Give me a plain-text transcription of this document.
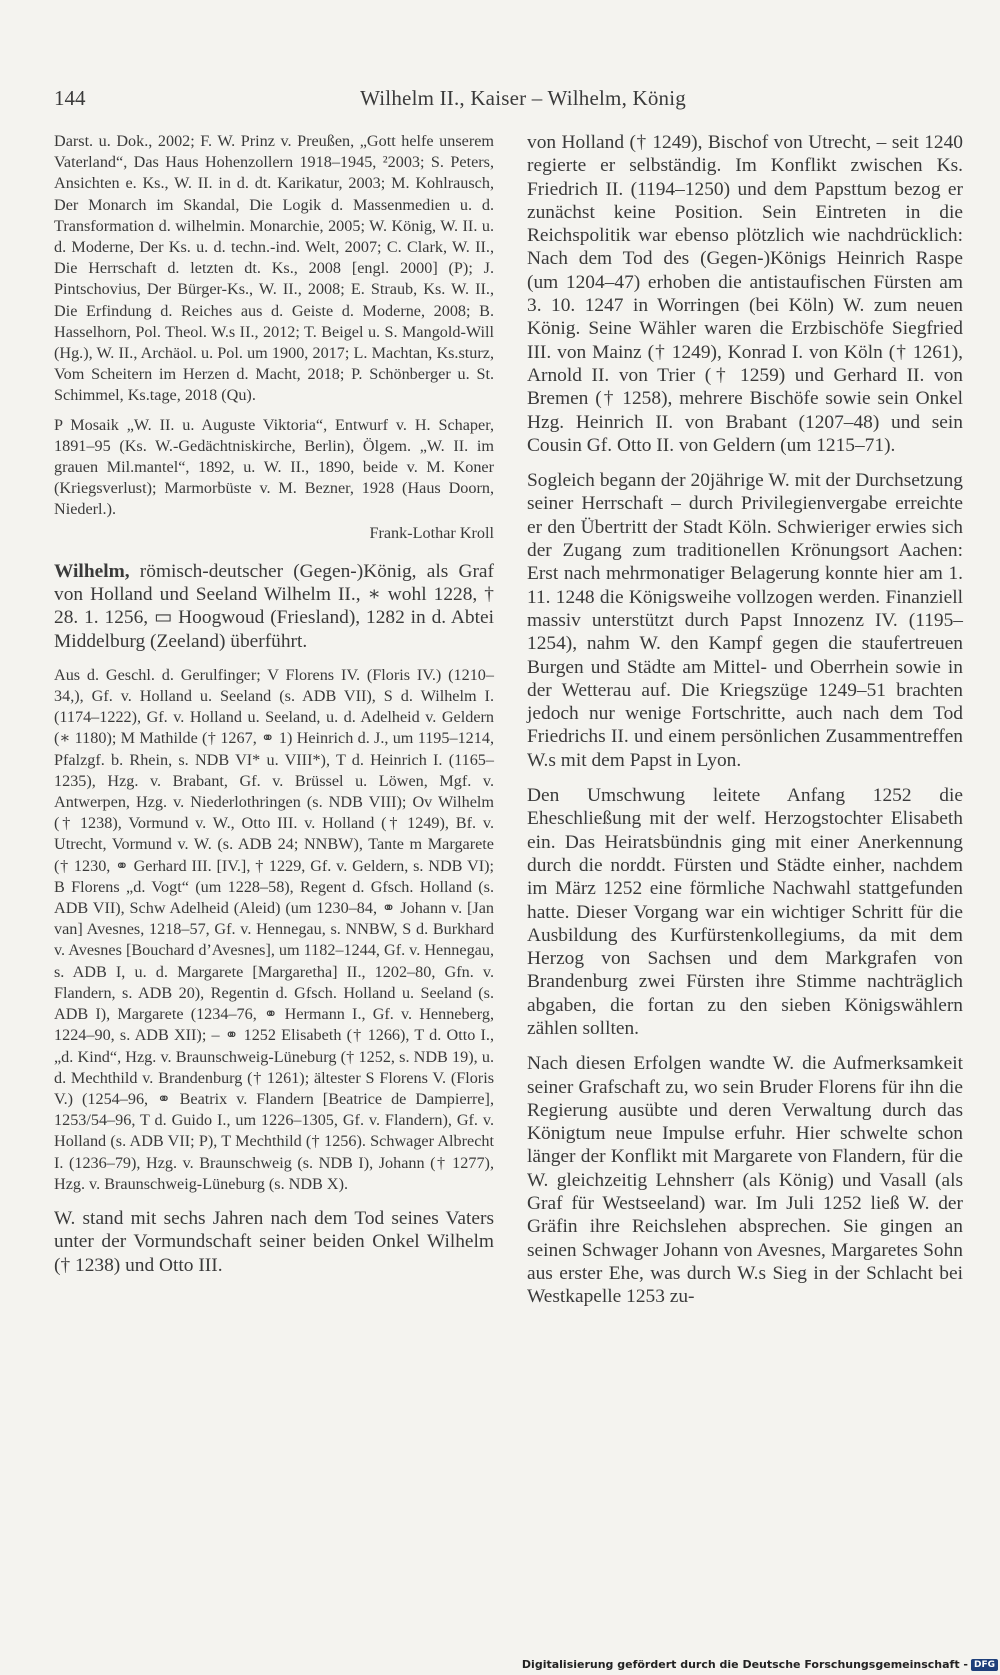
144	Wilhelm II., Kaiser – Wilhelm, König

Darst. u. Dok., 2002; F. W. Prinz v. Preußen, „Gott helfe unserem Vaterland“, Das Haus Hohenzollern 1918–1945, ²2003; S. Peters, Ansichten e. Ks., W. II. in d. dt. Karikatur, 2003; M. Kohlrausch, Der Monarch im Skandal, Die Logik d. Massenmedien u. d. Transformation d. wilhelmin. Monarchie, 2005; W. König, W. II. u. d. Moderne, Der Ks. u. d. techn.-ind. Welt, 2007; C. Clark, W. II., Die Herrschaft d. letzten dt. Ks., 2008 [engl. 2000] (P); J. Pintschovius, Der Bürger-Ks., W. II., 2008; E. Straub, Ks. W. II., Die Erfindung d. Reiches aus d. Geiste d. Moderne, 2008; B. Hasselhorn, Pol. Theol. W.s II., 2012; T. Beigel u. S. Mangold-Will (Hg.), W. II., Archäol. u. Pol. um 1900, 2017; L. Machtan, Ks.sturz, Vom Scheitern im Herzen d. Macht, 2018; P. Schönberger u. St. Schimmel, Ks.tage, 2018 (Qu).

P Mosaik „W. II. u. Auguste Viktoria“, Entwurf v. H. Schaper, 1891–95 (Ks. W.-Gedächtniskirche, Berlin), Ölgem. „W. II. im grauen Mil.mantel“, 1892, u. W. II., 1890, beide v. M. Koner (Kriegsverlust); Marmorbüste v. M. Bezner, 1928 (Haus Doorn, Niederl.).

Frank-Lothar Kroll

Wilhelm, römisch-deutscher (Gegen-)König, als Graf von Holland und Seeland Wilhelm II., ∗ wohl 1228, † 28. 1. 1256, ▭ Hoogwoud (Friesland), 1282 in d. Abtei Middelburg (Zeeland) überführt.

Aus d. Geschl. d. Gerulfinger; V Florens IV. (Floris IV.) (1210–34,), Gf. v. Holland u. Seeland (s. ADB VII), S d. Wilhelm I. (1174–1222), Gf. v. Holland u. Seeland, u. d. Adelheid v. Geldern (∗ 1180); M Mathilde († 1267, ⚭ 1) Heinrich d. J., um 1195–1214, Pfalzgf. b. Rhein, s. NDB VI* u. VIII*), T d. Heinrich I. (1165–1235), Hzg. v. Brabant, Gf. v. Brüssel u. Löwen, Mgf. v. Antwerpen, Hzg. v. Niederlothringen (s. NDB VIII); Ov Wilhelm († 1238), Vormund v. W., Otto III. v. Holland († 1249), Bf. v. Utrecht, Vormund v. W. (s. ADB 24; NNBW), Tante m Margarete († 1230, ⚭ Gerhard III. [IV.], † 1229, Gf. v. Geldern, s. NDB VI); B Florens „d. Vogt“ (um 1228–58), Regent d. Gfsch. Holland (s. ADB VII), Schw Adelheid (Aleid) (um 1230–84, ⚭ Johann v. [Jan van] Avesnes, 1218–57, Gf. v. Hennegau, s. NNBW, S d. Burkhard v. Avesnes [Bouchard d’Avesnes], um 1182–1244, Gf. v. Hennegau, s. ADB I, u. d. Margarete [Margaretha] II., 1202–80, Gfn. v. Flandern, s. ADB 20), Regentin d. Gfsch. Holland u. Seeland (s. ADB I), Margarete (1234–76, ⚭ Hermann I., Gf. v. Henneberg, 1224–90, s. ADB XII); – ⚭ 1252 Elisabeth († 1266), T d. Otto I., „d. Kind“, Hzg. v. Braunschweig-Lüneburg († 1252, s. NDB 19), u. d. Mechthild v. Brandenburg († 1261); ältester S Florens V. (Floris V.) (1254–96, ⚭ Beatrix v. Flandern [Beatrice de Dampierre], 1253/54–96, T d. Guido I., um 1226–1305, Gf. v. Flandern), Gf. v. Holland (s. ADB VII; P), T Mechthild († 1256). Schwager Albrecht I. (1236–79), Hzg. v. Braunschweig (s. NDB I), Johann († 1277), Hzg. v. Braunschweig-Lüneburg (s. NDB X).

W. stand mit sechs Jahren nach dem Tod seines Vaters unter der Vormundschaft seiner beiden Onkel Wilhelm († 1238) und Otto III.

von Holland († 1249), Bischof von Utrecht, – seit 1240 regierte er selbständig. Im Konflikt zwischen Ks. Friedrich II. (1194–1250) und dem Papsttum bezog er zunächst keine Position. Sein Eintreten in die Reichspolitik war ebenso plötzlich wie nachdrücklich: Nach dem Tod des (Gegen-)Königs Heinrich Raspe (um 1204–47) erhoben die antistaufischen Fürsten am 3. 10. 1247 in Worringen (bei Köln) W. zum neuen König. Seine Wähler waren die Erzbischöfe Siegfried III. von Mainz († 1249), Konrad I. von Köln († 1261), Arnold II. von Trier († 1259) und Gerhard II. von Bremen († 1258), mehrere Bischöfe sowie sein Onkel Hzg. Heinrich II. von Brabant (1207–48) und sein Cousin Gf. Otto II. von Geldern (um 1215–71).

Sogleich begann der 20jährige W. mit der Durchsetzung seiner Herrschaft – durch Privilegienvergabe erreichte er den Übertritt der Stadt Köln. Schwieriger erwies sich der Zugang zum traditionellen Krönungsort Aachen: Erst nach mehrmonatiger Belagerung konnte hier am 1. 11. 1248 die Königsweihe vollzogen werden. Finanziell massiv unterstützt durch Papst Innozenz IV. (1195–1254), nahm W. den Kampf gegen die staufertreuen Burgen und Städte am Mittel- und Oberrhein sowie in der Wetterau auf. Die Kriegszüge 1249–51 brachten jedoch nur wenige Fortschritte, auch nach dem Tod Friedrichs II. und einem persönlichen Zusammentreffen W.s mit dem Papst in Lyon.

Den Umschwung leitete Anfang 1252 die Eheschließung mit der welf. Herzogstochter Elisabeth ein. Das Heiratsbündnis ging mit einer Anerkennung durch die norddt. Fürsten und Städte einher, nachdem im März 1252 eine förmliche Nachwahl stattgefunden hatte. Dieser Vorgang war ein wichtiger Schritt für die Ausbildung des Kurfürstenkollegiums, da mit dem Herzog von Sachsen und dem Markgrafen von Brandenburg zwei Fürsten ihre Stimme nachträglich abgaben, die fortan zu den sieben Königswählern zählen sollten.

Nach diesen Erfolgen wandte W. die Aufmerksamkeit seiner Grafschaft zu, wo sein Bruder Florens für ihn die Regierung ausübte und deren Verwaltung durch das Königtum neue Impulse erfuhr. Hier schwelte schon länger der Konflikt mit Margarete von Flandern, für die W. gleichzeitig Lehnsherr (als König) und Vasall (als Graf für Westseeland) war. Im Juli 1252 ließ W. der Gräfin ihre Reichslehen absprechen. Sie gingen an seinen Schwager Johann von Avesnes, Margaretes Sohn aus erster Ehe, was durch W.s Sieg in der Schlacht bei Westkapelle 1253 zu-

Digitalisierung gefördert durch die Deutsche Forschungsgemeinschaft - DFG
